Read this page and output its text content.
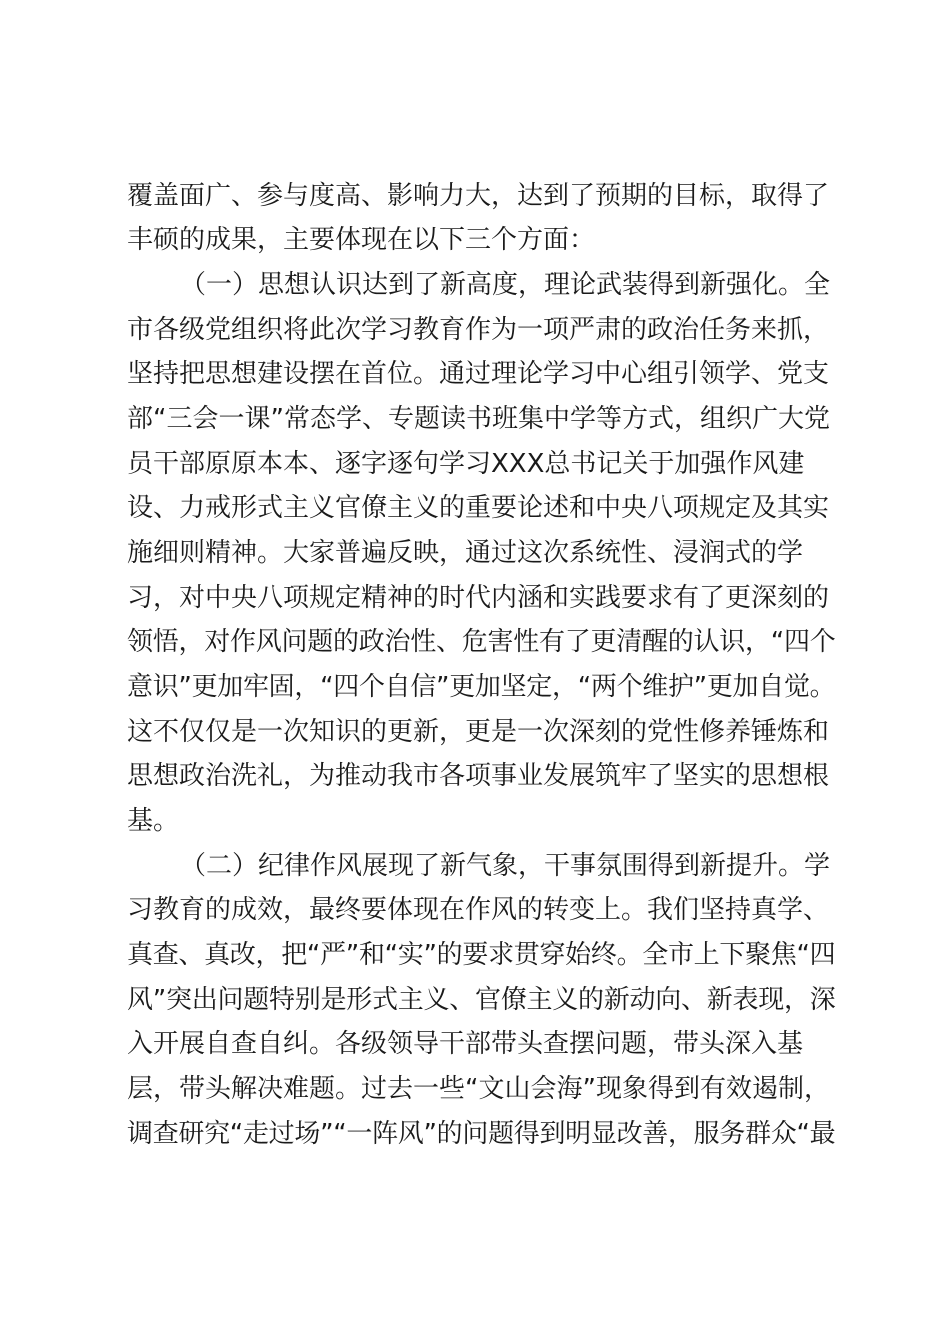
覆盖面广、参与度高、影响力大，达到了预期的目标，取得了
丰硕的成果，主要体现在以下三个方面：
（一）思想认识达到了新高度，理论武装得到新强化。全
市各级党组织将此次学习教育作为一项严肃的政治任务来抓，
坚持把思想建设摆在首位。通过理论学习中心组引领学、党支
部“三会一课”常态学、专题读书班集中学等方式，组织广大党
员干部原原本本、逐字逐句学习XXX总书记关于加强作风建
设、力戒形式主义官僚主义的重要论述和中央八项规定及其实
施细则精神。大家普遍反映，通过这次系统性、浸润式的学
习，对中央八项规定精神的时代内涵和实践要求有了更深刻的
领悟，对作风问题的政治性、危害性有了更清醒的认识，“四个
意识”更加牢固，“四个自信”更加坚定，“两个维护”更加自觉。
这不仅仅是一次知识的更新，更是一次深刻的党性修养锤炼和
思想政治洗礼，为推动我市各项事业发展筑牢了坚实的思想根
基。
（二）纪律作风展现了新气象，干事氛围得到新提升。学
习教育的成效，最终要体现在作风的转变上。我们坚持真学、
真查、真改，把“严”和“实”的要求贯穿始终。全市上下聚焦“四
风”突出问题特别是形式主义、官僚主义的新动向、新表现，深
入开展自查自纠。各级领导干部带头查摆问题，带头深入基
层，带头解决难题。过去一些“文山会海”现象得到有效遏制，
调查研究“走过场”“一阵风”的问题得到明显改善，服务群众“最
